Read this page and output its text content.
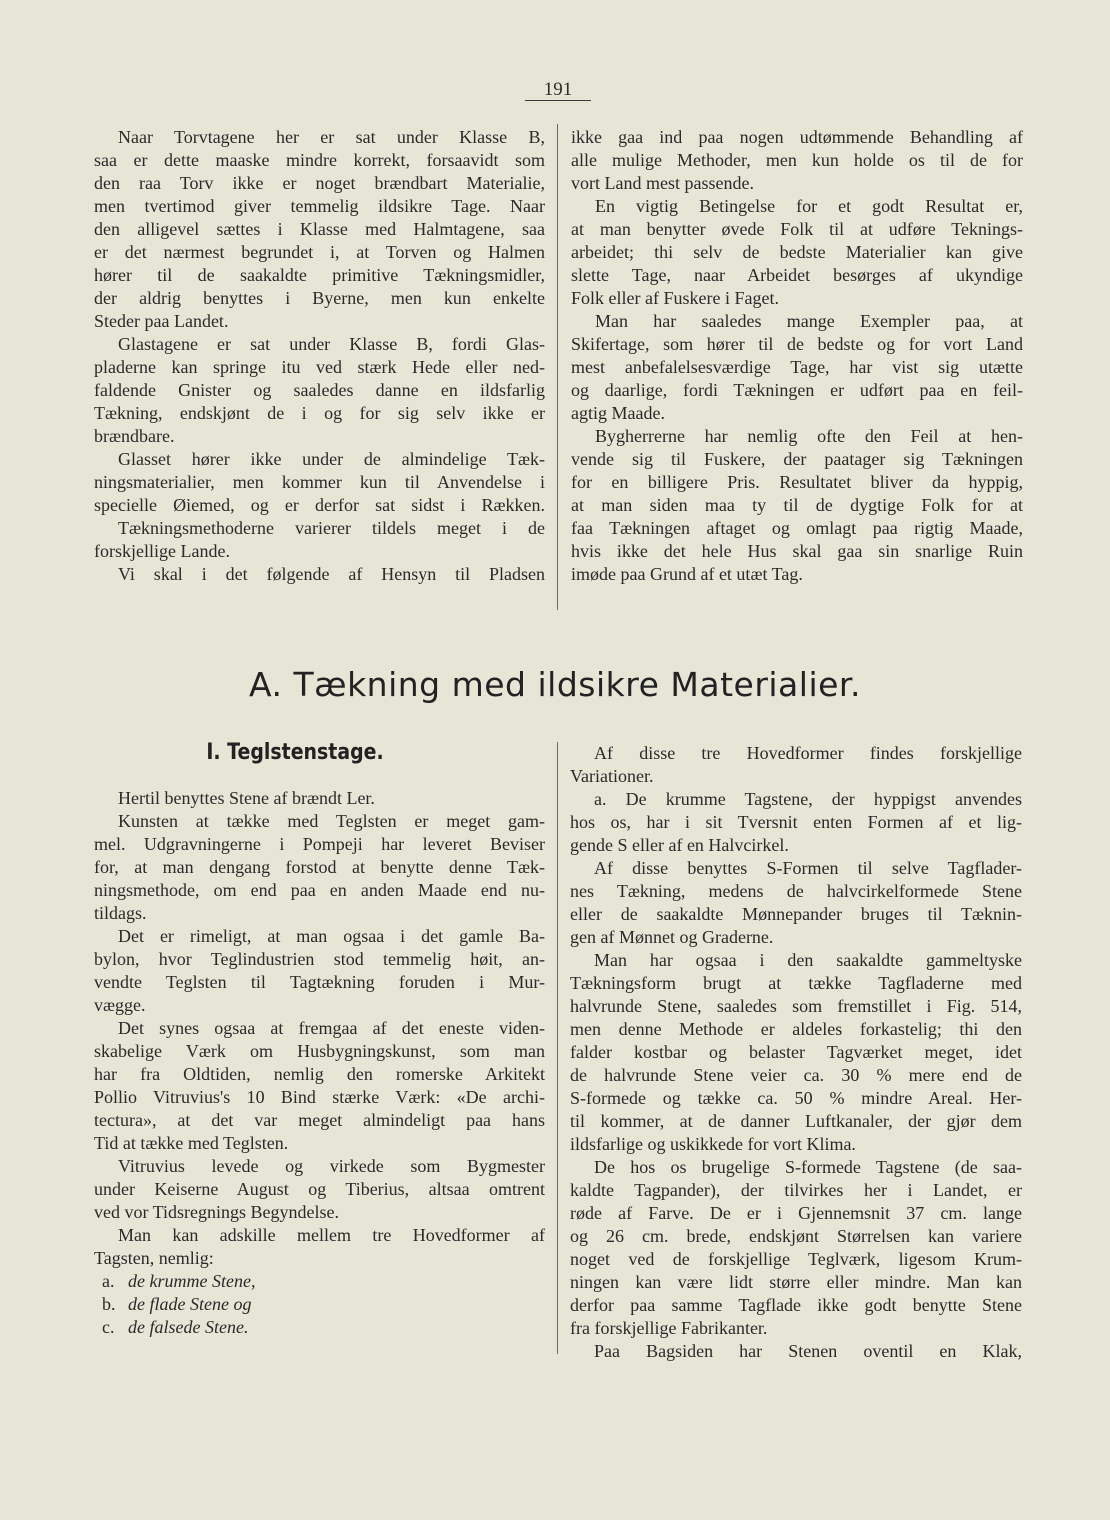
191
Naar Torvtagene her er sat under Klasse B,
saa er dette maaske mindre korrekt, forsaavidt som
den raa Torv ikke er noget brændbart Materialie,
men tvertimod giver temmelig ildsikre Tage. Naar
den alligevel sættes i Klasse med Halmtagene, saa
er det nærmest begrundet i, at Torven og Halmen
hører til de saakaldte primitive Tækningsmidler,
der aldrig benyttes i Byerne, men kun enkelte
Steder paa Landet.
Glastagene er sat under Klasse B, fordi Glas-
pladerne kan springe itu ved stærk Hede eller ned-
faldende Gnister og saaledes danne en ildsfarlig
Tækning, endskjønt de i og for sig selv ikke er
brændbare.
Glasset hører ikke under de almindelige Tæk-
ningsmaterialier, men kommer kun til Anvendelse i
specielle Øiemed, og er derfor sat sidst i Rækken.
Tækningsmethoderne varierer tildels meget i de
forskjellige Lande.
Vi skal i det følgende af Hensyn til Pladsen
ikke gaa ind paa nogen udtømmende Behandling af
alle mulige Methoder, men kun holde os til de for
vort Land mest passende.
En vigtig Betingelse for et godt Resultat er,
at man benytter øvede Folk til at udføre Teknings-
arbeidet; thi selv de bedste Materialier kan give
slette Tage, naar Arbeidet besørges af ukyndige
Folk eller af Fuskere i Faget.
Man har saaledes mange Exempler paa, at
Skifertage, som hører til de bedste og for vort Land
mest anbefalelsesværdige Tage, har vist sig utætte
og daarlige, fordi Tækningen er udført paa en feil-
agtig Maade.
Bygherrerne har nemlig ofte den Feil at hen-
vende sig til Fuskere, der paatager sig Tækningen
for en billigere Pris. Resultatet bliver da hyppig,
at man siden maa ty til de dygtige Folk for at
faa Tækningen aftaget og omlagt paa rigtig Maade,
hvis ikke det hele Hus skal gaa sin snarlige Ruin
imøde paa Grund af et utæt Tag.
A. Tækning med ildsikre Materialier.
I. Teglstenstage.
Hertil benyttes Stene af brændt Ler.
Kunsten at tække med Teglsten er meget gam-
mel. Udgravningerne i Pompeji har leveret Beviser
for, at man dengang forstod at benytte denne Tæk-
ningsmethode, om end paa en anden Maade end nu-
tildags.
Det er rimeligt, at man ogsaa i det gamle Ba-
bylon, hvor Teglindustrien stod temmelig høit, an-
vendte Teglsten til Tagtækning foruden i Mur-
vægge.
Det synes ogsaa at fremgaa af det eneste viden-
skabelige Værk om Husbygningskunst, som man
har fra Oldtiden, nemlig den romerske Arkitekt
Pollio Vitruvius's 10 Bind stærke Værk: «De archi-
tectura», at det var meget almindeligt paa hans
Tid at tække med Teglsten.
Vitruvius levede og virkede som Bygmester
under Keiserne August og Tiberius, altsaa omtrent
ved vor Tidsregnings Begyndelse.
Man kan adskille mellem tre Hovedformer af
Tagsten, nemlig:
a. de krumme Stene,
b. de flade Stene og
c. de falsede Stene.
Af disse tre Hovedformer findes forskjellige
Variationer.
a. De krumme Tagstene, der hyppigst anvendes
hos os, har i sit Tversnit enten Formen af et lig-
gende S eller af en Halvcirkel.
Af disse benyttes S-Formen til selve Tagflader-
nes Tækning, medens de halvcirkelformede Stene
eller de saakaldte Mønnepander bruges til Tæknin-
gen af Mønnet og Graderne.
Man har ogsaa i den saakaldte gammeltyske
Tækningsform brugt at tække Tagfladerne med
halvrunde Stene, saaledes som fremstillet i Fig. 514,
men denne Methode er aldeles forkastelig; thi den
falder kostbar og belaster Tagværket meget, idet
de halvrunde Stene veier ca. 30 % mere end de
S-formede og tække ca. 50 % mindre Areal. Her-
til kommer, at de danner Luftkanaler, der gjør dem
ildsfarlige og uskikkede for vort Klima.
De hos os brugelige S-formede Tagstene (de saa-
kaldte Tagpander), der tilvirkes her i Landet, er
røde af Farve. De er i Gjennemsnit 37 cm. lange
og 26 cm. brede, endskjønt Størrelsen kan variere
noget ved de forskjellige Teglværk, ligesom Krum-
ningen kan være lidt større eller mindre. Man kan
derfor paa samme Tagflade ikke godt benytte Stene
fra forskjellige Fabrikanter.
Paa Bagsiden har Stenen oventil en Klak,
